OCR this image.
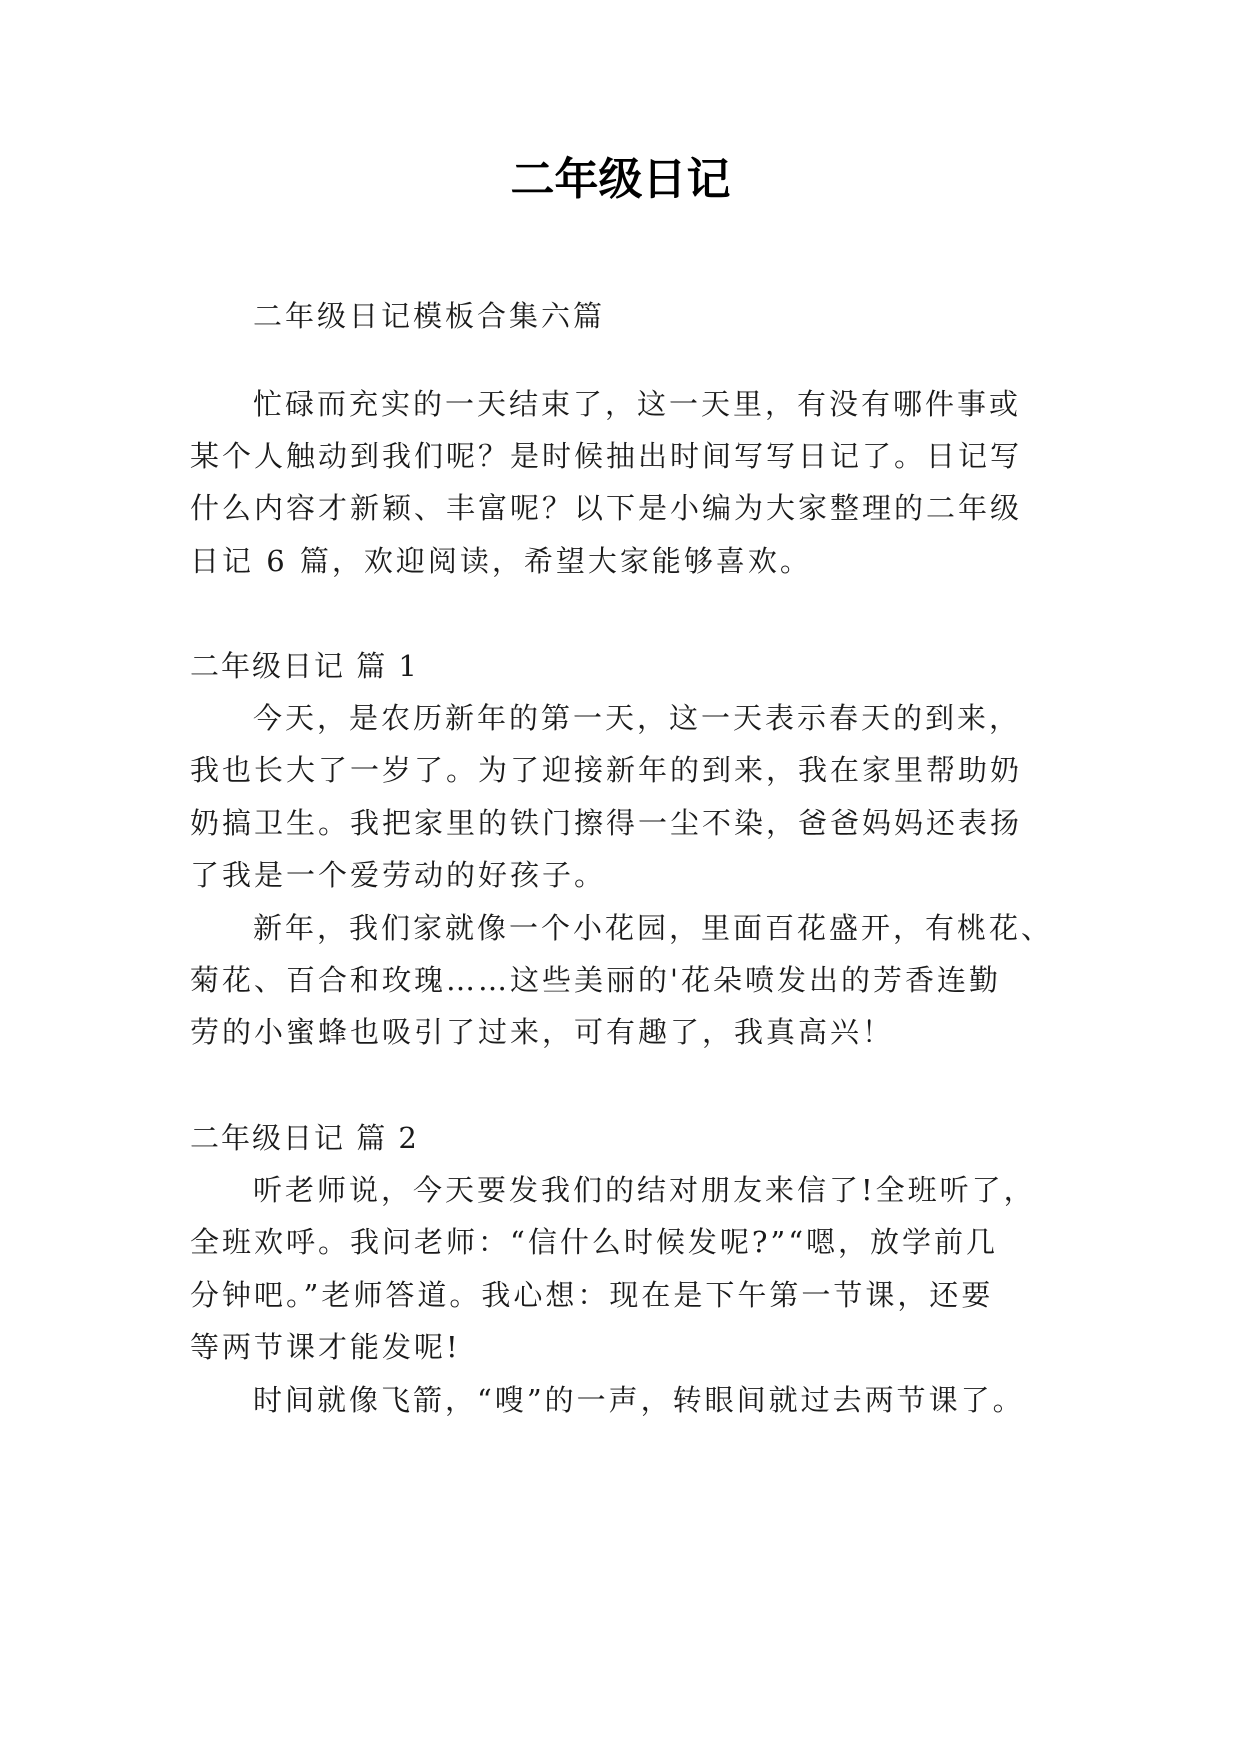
二年级日记

二年级日记模板合集六篇

忙碌而充实的一天结束了，这一天里，有没有哪件事或

某个人触动到我们呢？是时候抽出时间写写日记了。日记写

什么内容才新颖、丰富呢？以下是小编为大家整理的二年级

日记 6 篇，欢迎阅读，希望大家能够喜欢。

二年级日记 篇 1

今天，是农历新年的第一天，这一天表示春天的到来，

我也长大了一岁了。为了迎接新年的到来，我在家里帮助奶

奶搞卫生。我把家里的铁门擦得一尘不染，爸爸妈妈还表扬

了我是一个爱劳动的好孩子。

新年，我们家就像一个小花园，里面百花盛开，有桃花、

菊花、百合和玫瑰……这些美丽的'花朵喷发出的芳香连勤

劳的小蜜蜂也吸引了过来，可有趣了，我真高兴！

二年级日记 篇 2

听老师说，今天要发我们的结对朋友来信了!全班听了，

全班欢呼。我问老师：“信什么时候发呢?”“嗯，放学前几

分钟吧。”老师答道。我心想：现在是下午第一节课，还要

等两节课才能发呢!

时间就像飞箭，“嗖”的一声，转眼间就过去两节课了。
